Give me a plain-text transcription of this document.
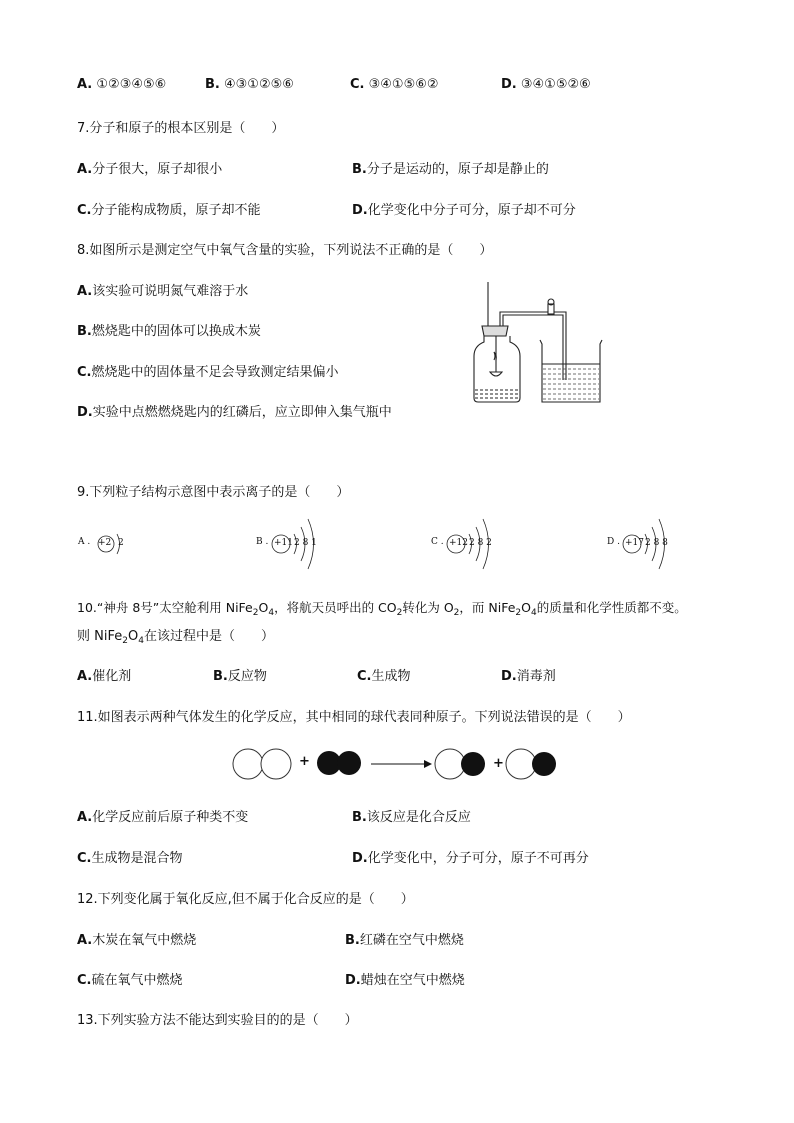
A. ①②③④⑤⑥	B. ④③①②⑤⑥	C. ③④①⑤⑥②	D. ③④①⑤②⑥
7.分子和原子的根本区别是（　　）
A.分子很大，原子却很小	B.分子是运动的，原子却是静止的
C.分子能构成物质，原子却不能	D.化学变化中分子可分，原子却不可分
8.如图所示是测定空气中氧气含量的实验，下列说法不正确的是（　　）
A.该实验可说明氮气难溶于水
B.燃烧匙中的固体可以换成木炭
C.燃烧匙中的固体量不足会导致测定结果偏小
D.实验中点燃燃烧匙内的红磷后，应立即伸入集气瓶中
9.下列粒子结构示意图中表示离子的是（　　）
A . +2 2	B . +11 2 8 1	C . +12 2 8 2	D . +17 2 8 8
10.“神舟 8号”太空舱利用 $NiFe_2O_4$，将航天员呼出的 $CO_2$转化为 $O_2$，而 $NiFe_2O_4$的质量和化学性质都不变。
则 $NiFe_2O_4$在该过程中是（　　）
A.催化剂	B.反应物	C.生成物	D.消毒剂
11.如图表示两种气体发生的化学反应，其中相同的球代表同种原子。下列说法错误的是（　　）
+	+
A.化学反应前后原子种类不变	B.该反应是化合反应
C.生成物是混合物	D.化学变化中，分子可分，原子不可再分
12.下列变化属于氧化反应,但不属于化合反应的是（　　）
A.木炭在氧气中燃烧	B.红磷在空气中燃烧
C.硫在氧气中燃烧	D.蜡烛在空气中燃烧
13.下列实验方法不能达到实验目的的是（　　）
